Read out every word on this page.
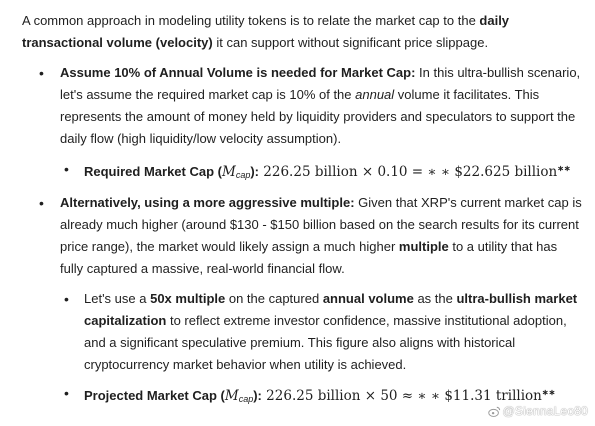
A common approach in modeling utility tokens is to relate the market cap to the daily transactional volume (velocity) it can support without significant price slippage.

• Assume 10% of Annual Volume is needed for Market Cap: In this ultra-bullish scenario, let's assume the required market cap is 10% of the annual volume it facilitates. This represents the amount of money held by liquidity providers and speculators to support the daily flow (high liquidity/low velocity assumption).
• Required Market Cap $(M_{cap})$: 226.25 billion × 0.10 = ∗ ∗ $22.625 billion∗∗
• Alternatively, using a more aggressive multiple: Given that XRP's current market cap is already much higher (around $130 - $150 billion based on the search results for its current price range), the market would likely assign a much higher multiple to a utility that has fully captured a massive, real-world financial flow.
• Let's use a 50x multiple on the captured annual volume as the ultra-bullish market capitalization to reflect extreme investor confidence, massive institutional adoption, and a significant speculative premium. This figure also aligns with historical cryptocurrency market behavior when utility is achieved.
• Projected Market Cap $(M_{cap})$: 226.25 billion × 50 ≈ ∗ ∗ $11.31 trillion∗∗
@SiennaLeo80
